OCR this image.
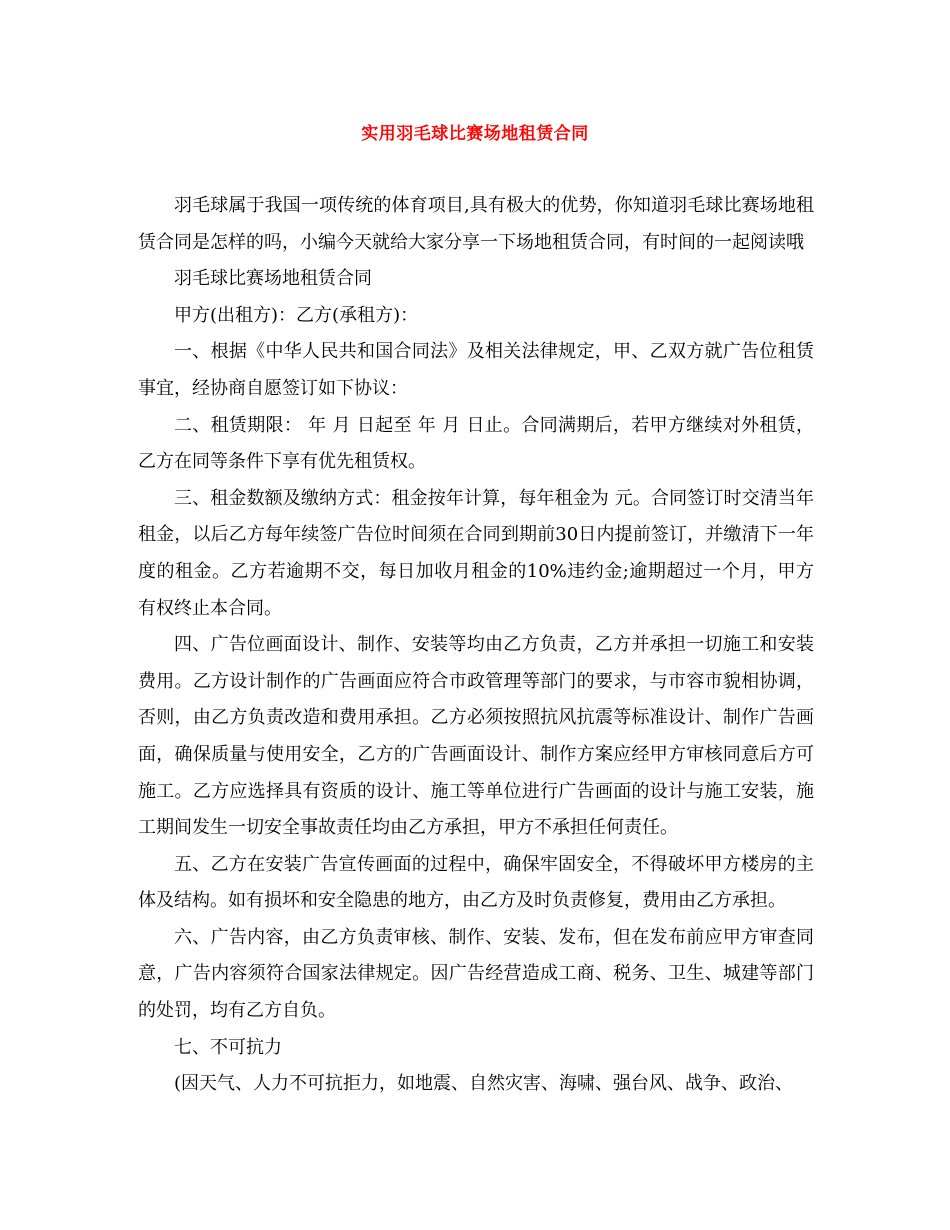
实用羽毛球比赛场地租赁合同

羽毛球属于我国一项传统的体育项目,具有极大的优势，你知道羽毛球比赛场地租赁合同是怎样的吗，小编今天就给大家分享一下场地租赁合同，有时间的一起阅读哦

羽毛球比赛场地租赁合同

甲方(出租方)：乙方(承租方)：

一、根据《中华人民共和国合同法》及相关法律规定，甲、乙双方就广告位租赁事宜，经协商自愿签订如下协议：

二、租赁期限： 年 月 日起至 年 月 日止。合同满期后，若甲方继续对外租赁，乙方在同等条件下享有优先租赁权。

三、租金数额及缴纳方式：租金按年计算，每年租金为 元。合同签订时交清当年租金，以后乙方每年续签广告位时间须在合同到期前30日内提前签订，并缴清下一年度的租金。乙方若逾期不交，每日加收月租金的10%违约金;逾期超过一个月，甲方有权终止本合同。

四、广告位画面设计、制作、安装等均由乙方负责，乙方并承担一切施工和安装费用。乙方设计制作的广告画面应符合市政管理等部门的要求，与市容市貌相协调，否则，由乙方负责改造和费用承担。乙方必须按照抗风抗震等标准设计、制作广告画面，确保质量与使用安全，乙方的广告画面设计、制作方案应经甲方审核同意后方可施工。乙方应选择具有资质的设计、施工等单位进行广告画面的设计与施工安装，施工期间发生一切安全事故责任均由乙方承担，甲方不承担任何责任。

五、乙方在安装广告宣传画面的过程中，确保牢固安全，不得破坏甲方楼房的主体及结构。如有损坏和安全隐患的地方，由乙方及时负责修复，费用由乙方承担。

六、广告内容，由乙方负责审核、制作、安装、发布，但在发布前应甲方审查同意，广告内容须符合国家法律规定。因广告经营造成工商、税务、卫生、城建等部门的处罚，均有乙方自负。

七、不可抗力

(因天气、人力不可抗拒力，如地震、自然灾害、海啸、强台风、战争、政治、
